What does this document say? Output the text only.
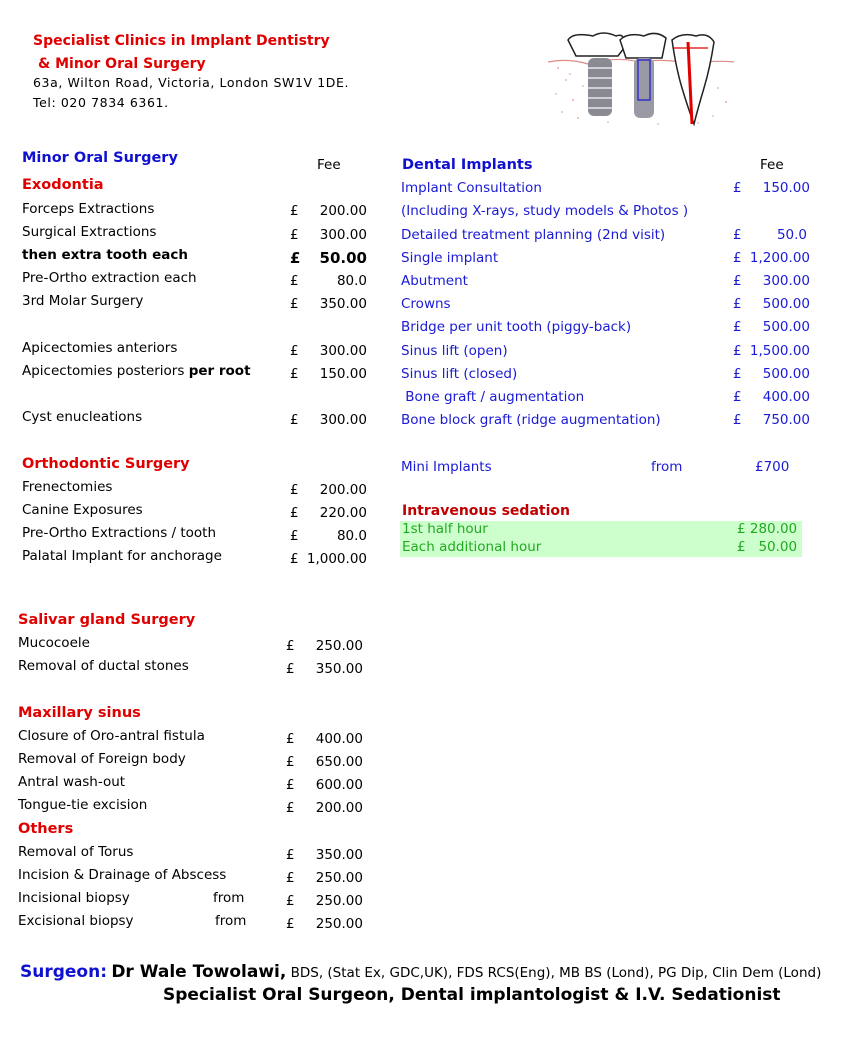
Specialist Clinics in Implant Dentistry
& Minor Oral Surgery
63a, Wilton Road, Victoria, London SW1V 1DE.
Tel: 020 7834 6361.
Minor Oral Surgery	Fee
Exodontia
Forceps Extractions	£	200.00
Surgical Extractions	£	300.00
then extra tooth each	£	50.00
Pre-Ortho extraction each	£	80.0
3rd Molar Surgery	£	350.00
Apicectomies anteriors	£	300.00
Apicectomies posteriors per root	£	150.00
Cyst enucleations	£	300.00
Orthodontic Surgery
Frenectomies	£	200.00
Canine Exposures	£	220.00
Pre-Ortho Extractions / tooth	£	80.0
Palatal Implant for anchorage	£ 1,000.00
Salivar gland Surgery
Mucocoele	£	250.00
Removal of ductal stones	£	350.00
Maxillary sinus
Closure of Oro-antral fistula	£	400.00
Removal of Foreign body	£	650.00
Antral wash-out	£	600.00
Tongue-tie excision	£	200.00
Others
Removal of Torus	£	350.00
Incision & Drainage of Abscess	£	250.00
Incisional biopsy	from	£	250.00
Excisional biopsy	from	£	250.00
Dental Implants	Fee
Implant Consultation	£	150.00
(Including X-rays, study models & Photos )
Detailed treatment planning (2nd visit)	£	50.0
Single implant	£ 1,200.00
Abutment	£	300.00
Crowns	£	500.00
Bridge per unit tooth (piggy-back)	£	500.00
Sinus lift (open)	£ 1,500.00
Sinus lift (closed)	£	500.00
Bone graft / augmentation	£	400.00
Bone block graft (ridge augmentation)	£	750.00
Mini Implants	from	£700
Intravenous sedation
1st half hour	£ 280.00
Each additional hour	£   50.00
Surgeon: Dr Wale Towolawi, BDS, (Stat Ex, GDC,UK), FDS RCS(Eng), MB BS (Lond), PG Dip, Clin Dem (Lond)
Specialist Oral Surgeon, Dental implantologist & I.V. Sedationist
